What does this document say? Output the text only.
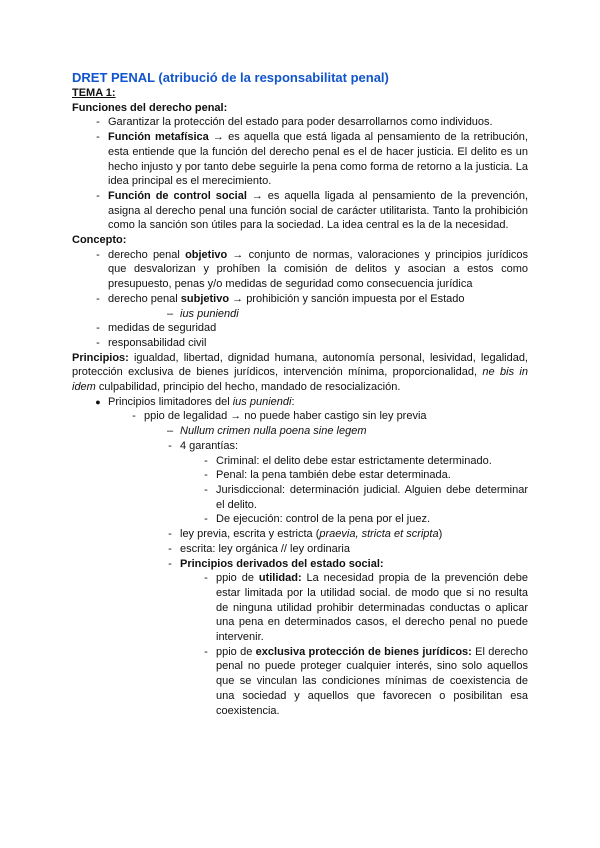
DRET PENAL (atribució de la responsabilitat penal)

TEMA 1:

Funciones del derecho penal:

- Garantizar la protección del estado para poder desarrollarnos como individuos.
- Función metafísica → es aquella que está ligada al pensamiento de la retribución, esta entiende que la función del derecho penal es el de hacer justicia. El delito es un hecho injusto y por tanto debe seguirle la pena como forma de retorno a la justicia. La idea principal es el merecimiento.
- Función de control social → es aquella ligada al pensamiento de la prevención, asigna al derecho penal una función social de carácter utilitarista. Tanto la prohibición como la sanción son útiles para la sociedad. La idea central es la de la necesidad.

Concepto:

- derecho penal objetivo → conjunto de normas, valoraciones y principios jurídicos que desvalorizan y prohíben la comisión de delitos y asocian a estos como presupuesto, penas y/o medidas de seguridad como consecuencia jurídica
- derecho penal subjetivo → prohibición y sanción impuesta por el Estado
– ius puniendi
- medidas de seguridad
- responsabilidad civil

Principios: igualdad, libertad, dignidad humana, autonomía personal, lesividad, legalidad, protección exclusiva de bienes jurídicos, intervención mínima, proporcionalidad, ne bis in idem culpabilidad, principio del hecho, mandado de resocialización.

● Principios limitadores del ius puniendi:
- ppio de legalidad → no puede haber castigo sin ley previa
– Nullum crimen nulla poena sine legem
- 4 garantías:
- Criminal: el delito debe estar estrictamente determinado.
- Penal: la pena también debe estar determinada.
- Jurisdiccional: determinación judicial. Alguien debe determinar el delito.
- De ejecución: control de la pena por el juez.
- ley previa, escrita y estricta (praevia, stricta et scripta)
- escrita: ley orgánica // ley ordinaria
- Principios derivados del estado social:
- ppio de utilidad: La necesidad propia de la prevención debe estar limitada por la utilidad social. de modo que si no resulta de ninguna utilidad prohibir determinadas conductas o aplicar una pena en determinados casos, el derecho penal no puede intervenir.
- ppio de exclusiva protección de bienes jurídicos: El derecho penal no puede proteger cualquier interés, sino solo aquellos que se vinculan las condiciones mínimas de coexistencia de una sociedad y aquellos que favorecen o posibilitan esa coexistencia.
